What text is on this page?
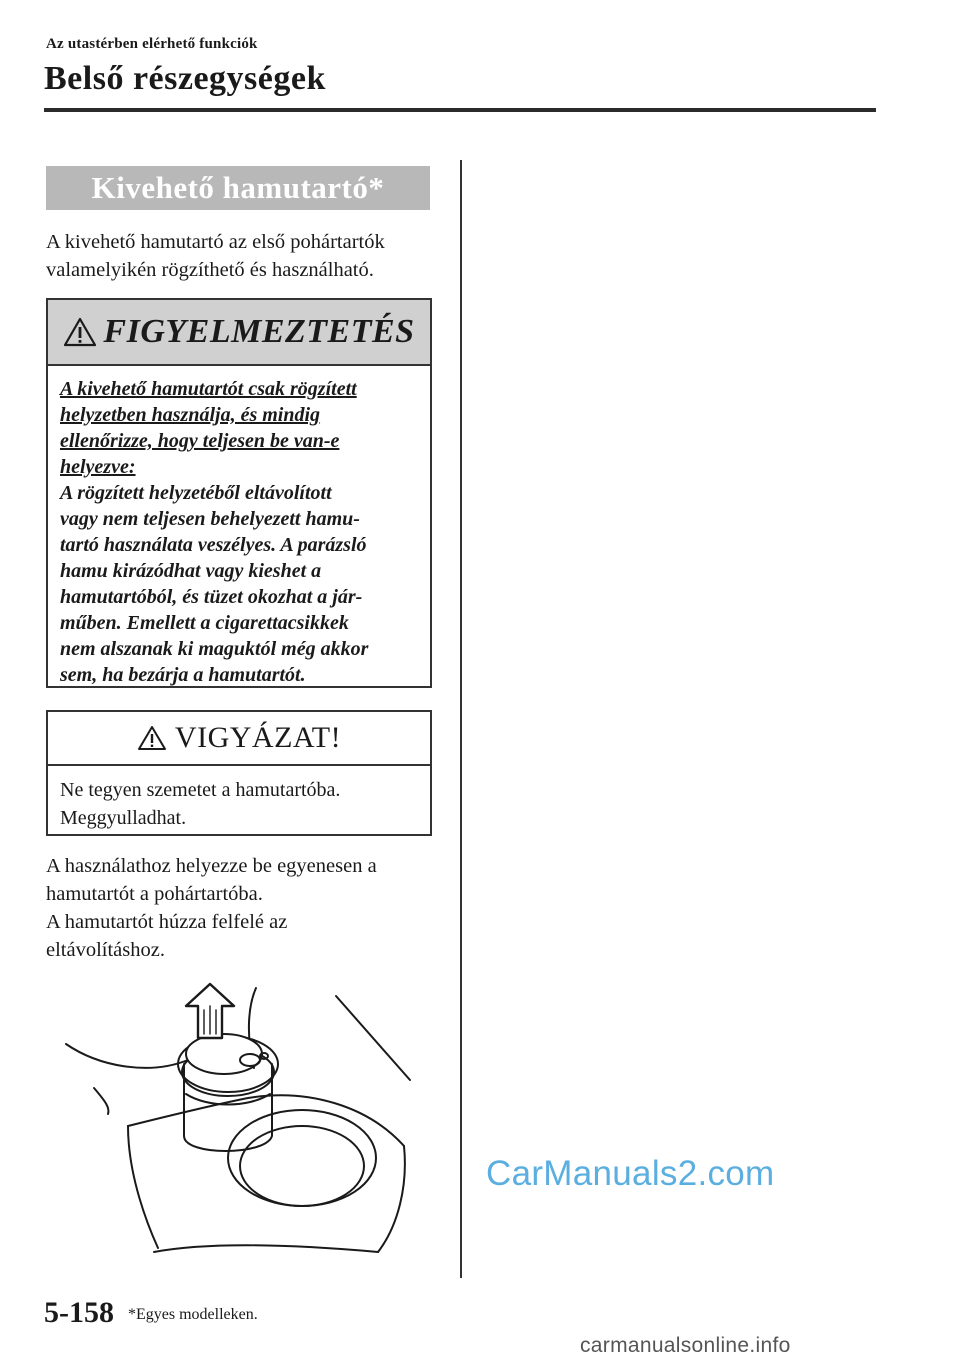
Az utastérben elérhető funkciók
Belső részegységek
Kivehető hamutartó*
A kivehető hamutartó az első pohártartók valamelyikén rögzíthető és használható.
FIGYELMEZTETÉS
A kivehető hamutartót csak rögzített
helyzetben használja, és mindig
ellenőrizze, hogy teljesen be van-e
helyezve:
A rögzített helyzetéből eltávolított
vagy nem teljesen behelyezett hamu-
tartó használata veszélyes. A parázsló
hamu kirázódhat vagy kieshet a
hamutartóból, és tüzet okozhat a jár-
műben. Emellett a cigarettacsikkek
nem alszanak ki maguktól még akkor
sem, ha bezárja a hamutartót.
VIGYÁZAT!
Ne tegyen szemetet a hamutartóba.
Meggyulladhat.
A használathoz helyezze be egyenesen a
hamutartót a pohártartóba.
A hamutartót húzza felfelé az
eltávolításhoz.
CarManuals2.com
5-158 *Egyes modelleken.
carmanualsonline.info
